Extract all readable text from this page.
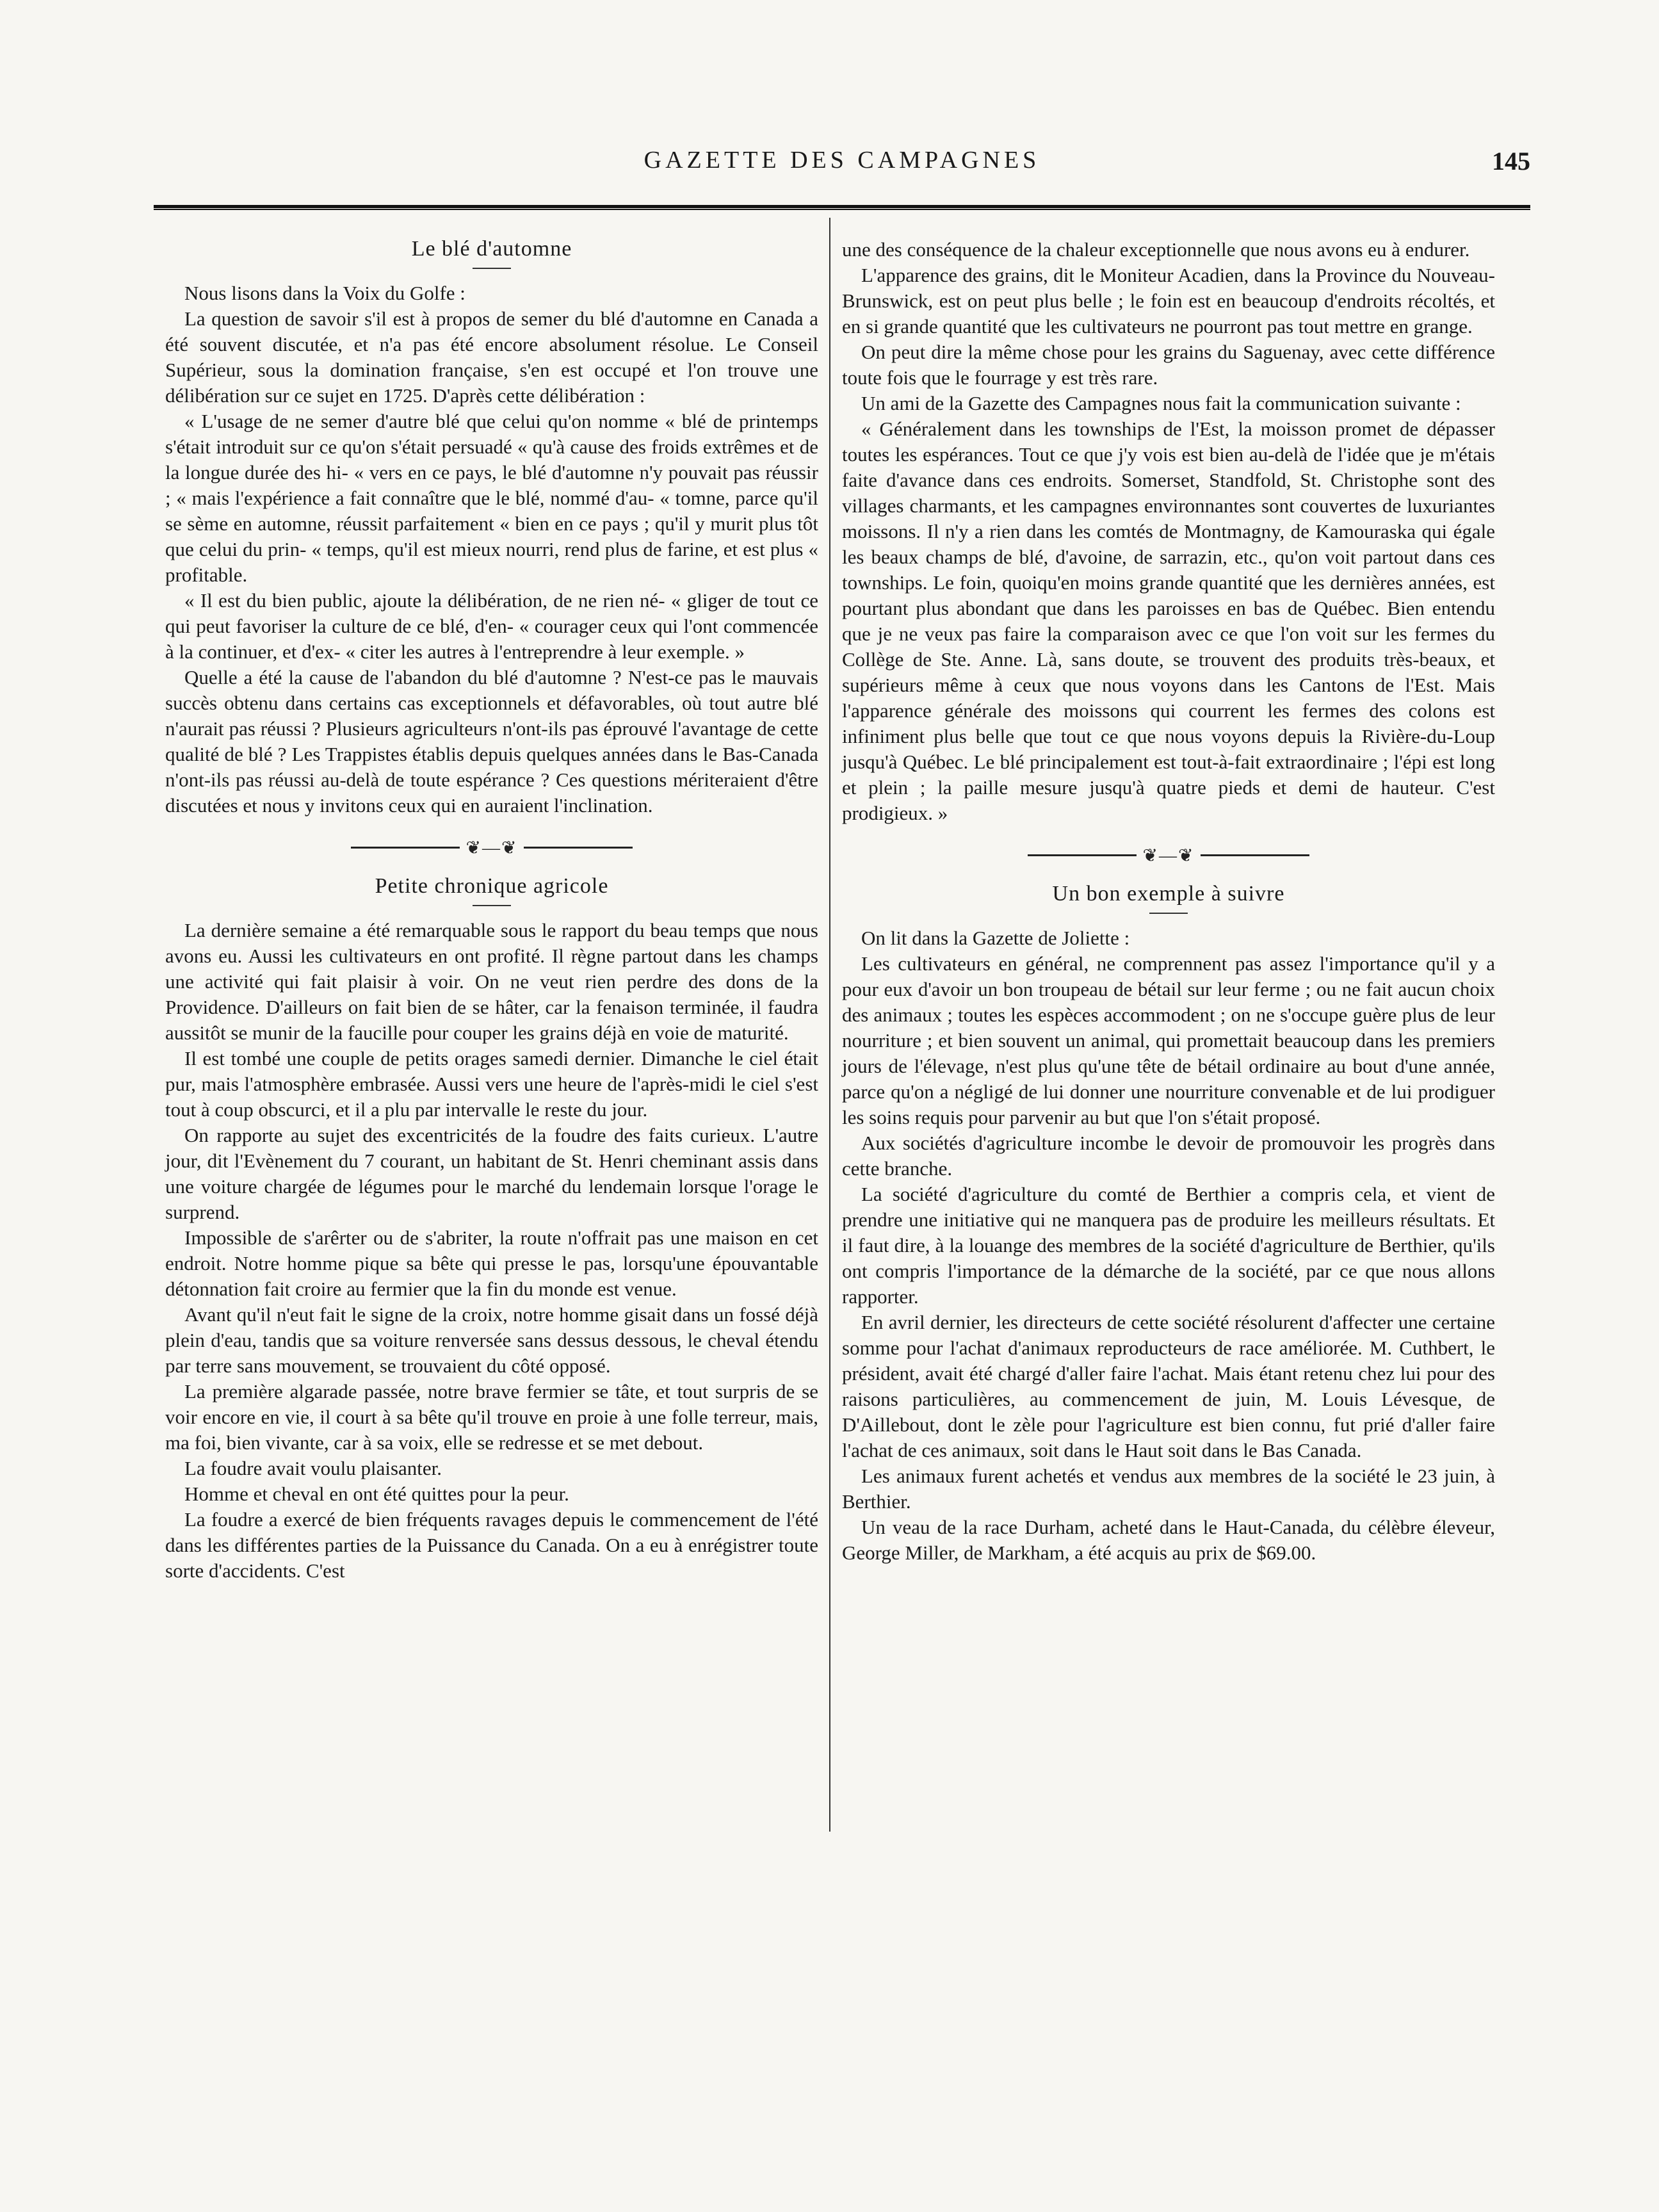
GAZETTE DES CAMPAGNES	145
Le blé d'automne

Nous lisons dans la Voix du Golfe :

La question de savoir s'il est à propos de semer du blé d'automne en Canada a été souvent discutée, et n'a pas été encore absolument résolue. Le Conseil Supérieur, sous la domination française, s'en est occupé et l'on trouve une délibération sur ce sujet en 1725. D'après cette délibération :

« L'usage de ne semer d'autre blé que celui qu'on nomme « blé de printemps s'était introduit sur ce qu'on s'était persuadé « qu'à cause des froids extrêmes et de la longue durée des hi- « vers en ce pays, le blé d'automne n'y pouvait pas réussir ; « mais l'expérience a fait connaître que le blé, nommé d'au- « tomne, parce qu'il se sème en automne, réussit parfaitement « bien en ce pays ; qu'il y murit plus tôt que celui du prin- « temps, qu'il est mieux nourri, rend plus de farine, et est plus « profitable.

« Il est du bien public, ajoute la délibération, de ne rien né- « gliger de tout ce qui peut favoriser la culture de ce blé, d'en- « courager ceux qui l'ont commencée à la continuer, et d'ex- « citer les autres à l'entreprendre à leur exemple. »

Quelle a été la cause de l'abandon du blé d'automne ? N'est-ce pas le mauvais succès obtenu dans certains cas exceptionnels et défavorables, où tout autre blé n'aurait pas réussi ? Plusieurs agriculteurs n'ont-ils pas éprouvé l'avantage de cette qualité de blé ? Les Trappistes établis depuis quelques années dans le Bas-Canada n'ont-ils pas réussi au-delà de toute espérance ? Ces questions mériteraient d'être discutées et nous y invitons ceux qui en auraient l'inclination.

❦―❦
Petite chronique agricole

La dernière semaine a été remarquable sous le rapport du beau temps que nous avons eu. Aussi les cultivateurs en ont profité. Il règne partout dans les champs une activité qui fait plaisir à voir. On ne veut rien perdre des dons de la Providence. D'ailleurs on fait bien de se hâter, car la fenaison terminée, il faudra aussitôt se munir de la faucille pour couper les grains déjà en voie de maturité.

Il est tombé une couple de petits orages samedi dernier. Dimanche le ciel était pur, mais l'atmosphère embrasée. Aussi vers une heure de l'après-midi le ciel s'est tout à coup obscurci, et il a plu par intervalle le reste du jour.

On rapporte au sujet des excentricités de la foudre des faits curieux. L'autre jour, dit l'Evènement du 7 courant, un habitant de St. Henri cheminant assis dans une voiture chargée de légumes pour le marché du lendemain lorsque l'orage le surprend.

Impossible de s'arêrter ou de s'abriter, la route n'offrait pas une maison en cet endroit. Notre homme pique sa bête qui presse le pas, lorsqu'une épouvantable détonnation fait croire au fermier que la fin du monde est venue.

Avant qu'il n'eut fait le signe de la croix, notre homme gisait dans un fossé déjà plein d'eau, tandis que sa voiture renversée sans dessus dessous, le cheval étendu par terre sans mouvement, se trouvaient du côté opposé.

La première algarade passée, notre brave fermier se tâte, et tout surpris de se voir encore en vie, il court à sa bête qu'il trouve en proie à une folle terreur, mais, ma foi, bien vivante, car à sa voix, elle se redresse et se met debout.

La foudre avait voulu plaisanter.

Homme et cheval en ont été quittes pour la peur.

La foudre a exercé de bien fréquents ravages depuis le commencement de l'été dans les différentes parties de la Puissance du Canada. On a eu à enrégistrer toute sorte d'accidents. C'est

une des conséquence de la chaleur exceptionnelle que nous avons eu à endurer.

L'apparence des grains, dit le Moniteur Acadien, dans la Province du Nouveau-Brunswick, est on peut plus belle ; le foin est en beaucoup d'endroits récoltés, et en si grande quantité que les cultivateurs ne pourront pas tout mettre en grange.

On peut dire la même chose pour les grains du Saguenay, avec cette différence toute fois que le fourrage y est très rare.

Un ami de la Gazette des Campagnes nous fait la communication suivante :

« Généralement dans les townships de l'Est, la moisson promet de dépasser toutes les espérances. Tout ce que j'y vois est bien au-delà de l'idée que je m'étais faite d'avance dans ces endroits. Somerset, Standfold, St. Christophe sont des villages charmants, et les campagnes environnantes sont couvertes de luxuriantes moissons. Il n'y a rien dans les comtés de Montmagny, de Kamouraska qui égale les beaux champs de blé, d'avoine, de sarrazin, etc., qu'on voit partout dans ces townships. Le foin, quoiqu'en moins grande quantité que les dernières années, est pourtant plus abondant que dans les paroisses en bas de Québec. Bien entendu que je ne veux pas faire la comparaison avec ce que l'on voit sur les fermes du Collège de Ste. Anne. Là, sans doute, se trouvent des produits très-beaux, et supérieurs même à ceux que nous voyons dans les Cantons de l'Est. Mais l'apparence générale des moissons qui courrent les fermes des colons est infiniment plus belle que tout ce que nous voyons depuis la Rivière-du-Loup jusqu'à Québec. Le blé principalement est tout-à-fait extraordinaire ; l'épi est long et plein ; la paille mesure jusqu'à quatre pieds et demi de hauteur. C'est prodigieux. »

❦―❦
Un bon exemple à suivre

On lit dans la Gazette de Joliette :

Les cultivateurs en général, ne comprennent pas assez l'importance qu'il y a pour eux d'avoir un bon troupeau de bétail sur leur ferme ; ou ne fait aucun choix des animaux ; toutes les espèces accommodent ; on ne s'occupe guère plus de leur nourriture ; et bien souvent un animal, qui promettait beaucoup dans les premiers jours de l'élevage, n'est plus qu'une tête de bétail ordinaire au bout d'une année, parce qu'on a négligé de lui donner une nourriture convenable et de lui prodiguer les soins requis pour parvenir au but que l'on s'était proposé.

Aux sociétés d'agriculture incombe le devoir de promouvoir les progrès dans cette branche.

La société d'agriculture du comté de Berthier a compris cela, et vient de prendre une initiative qui ne manquera pas de produire les meilleurs résultats. Et il faut dire, à la louange des membres de la société d'agriculture de Berthier, qu'ils ont compris l'importance de la démarche de la société, par ce que nous allons rapporter.

En avril dernier, les directeurs de cette société résolurent d'affecter une certaine somme pour l'achat d'animaux reproducteurs de race améliorée. M. Cuthbert, le président, avait été chargé d'aller faire l'achat. Mais étant retenu chez lui pour des raisons particulières, au commencement de juin, M. Louis Lévesque, de D'Aillebout, dont le zèle pour l'agriculture est bien connu, fut prié d'aller faire l'achat de ces animaux, soit dans le Haut soit dans le Bas Canada.

Les animaux furent achetés et vendus aux membres de la société le 23 juin, à Berthier.

Un veau de la race Durham, acheté dans le Haut-Canada, du célèbre éleveur, George Miller, de Markham, a été acquis au prix de $69.00.
